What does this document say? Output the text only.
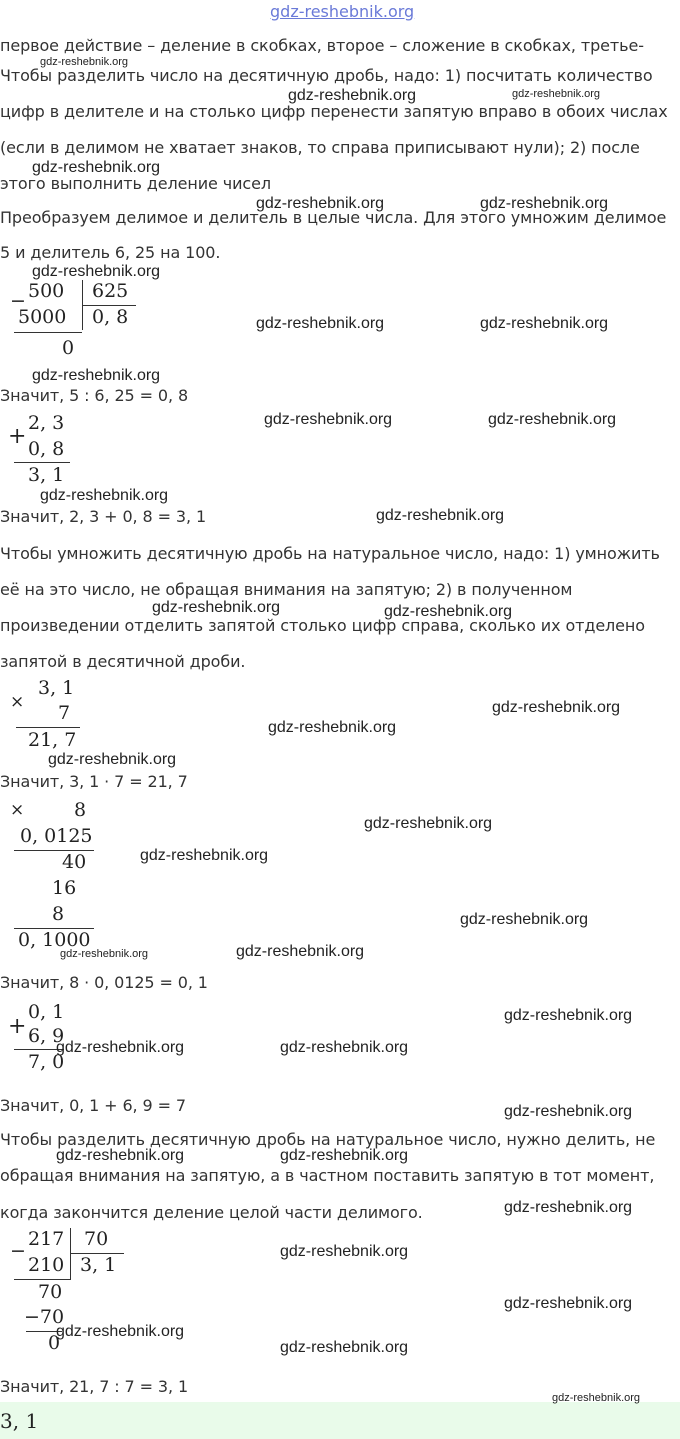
gdz-reshebnik.org
первое действие – деление в скобках, второе – сложение в скобках, третье-
Чтобы разделить число на десятичную дробь, надо: 1) посчитать количество
цифр в делителе и на столько цифр перенести запятую вправо в обоих числах
(если в делимом не хватает знаков, то справа приписывают нули); 2) после
этого выполнить деление чисел
Преобразуем делимое и делитель в целые числа. Для этого умножим делимое
5 и делитель 6, 25 на 100.
− 500 625
5000 0, 8
0
Значит, 5 : 6, 25 = 0, 8
+
2, 3
0, 8
3, 1
Значит, 2, 3 + 0, 8 = 3, 1
Чтобы умножить десятичную дробь на натуральное число, надо: 1) умножить
её на это число, не обращая внимания на запятую; 2) в полученном
произведении отделить запятой столько цифр справа, сколько их отделено
запятой в десятичной дроби.
×
3, 1
7
21, 7
Значит, 3, 1 · 7 = 21, 7
×	8
0, 0125
40
16
8
0, 1000
Значит, 8 · 0, 0125 = 0, 1
+
0, 1
6, 9
7, 0
Значит, 0, 1 + 6, 9 = 7
Чтобы разделить десятичную дробь на натуральное число, нужно делить, не
обращая внимания на запятую, а в частном поставить запятую в тот момент,
когда закончится деление целой части делимого.
−
217 70
210 3, 1
70
−70
0
Значит, 21, 7 : 7 = 3, 1
3, 1
gdz-reshebnik.org
gdz-reshebnik.org
gdz-reshebnik.org
gdz-reshebnik.org
gdz-reshebnik.org	gdz-reshebnik.org
gdz-reshebnik.org
gdz-reshebnik.org	gdz-reshebnik.org
gdz-reshebnik.org
gdz-reshebnik.org	gdz-reshebnik.org
gdz-reshebnik.org
gdz-reshebnik.org
gdz-reshebnik.org	gdz-reshebnik.org
gdz-reshebnik.org
gdz-reshebnik.org
gdz-reshebnik.org
gdz-reshebnik.org
gdz-reshebnik.org
gdz-reshebnik.org
gdz-reshebnik.org	gdz-reshebnik.org
gdz-reshebnik.org
gdz-reshebnik.org	gdz-reshebnik.org
gdz-reshebnik.org
gdz-reshebnik.org	gdz-reshebnik.org
gdz-reshebnik.org
gdz-reshebnik.org
gdz-reshebnik.org
gdz-reshebnik.org
gdz-reshebnik.org
gdz-reshebnik.org
